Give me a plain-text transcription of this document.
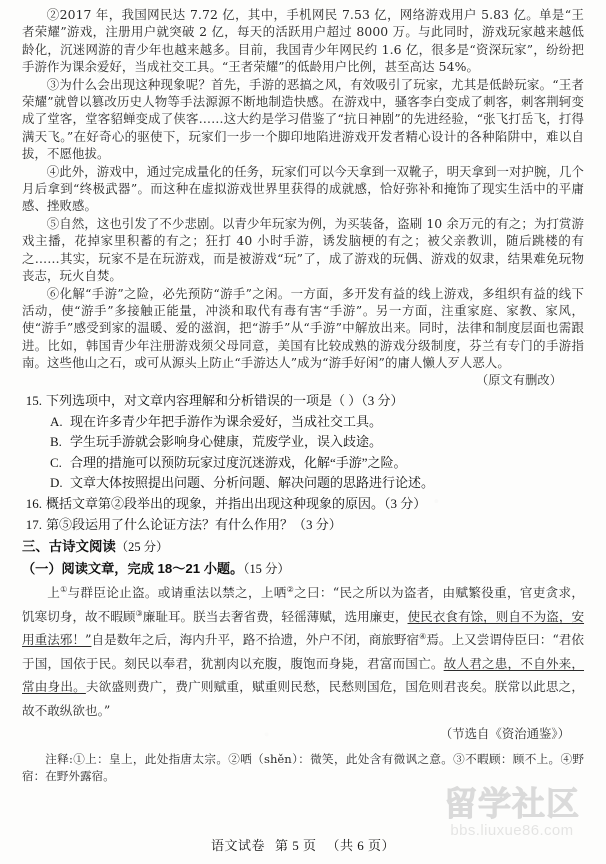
②2017 年，我国网民达 7.72 亿，其中，手机网民 7.53 亿，网络游戏用户 5.83 亿。单是“王者荣耀”游戏，注册用户就突破 2 亿，每天的活跃用户超过 8000 万。与此同时，游戏玩家越来越低龄化，沉迷网游的青少年也越来越多。目前，我国青少年网民约 1.6 亿，很多是“资深玩家”，纷纷把手游作为课余爱好，当成社交工具。“王者荣耀”的低龄用户比例，甚至高达 54%。

③为什么会出现这种现象呢？首先，手游的恶搞之风，有效吸引了玩家，尤其是低龄玩家。“王者荣耀”就曾以篡改历史人物等手法源源不断地制造快感。在游戏中，骚客李白变成了刺客，刺客荆轲变成了堂客，堂客貂蝉变成了侠客……这大约是学习借鉴了“抗日神剧”的先进经验，“张飞打岳飞，打得满天飞。”在好奇心的驱使下，玩家们一步一个脚印地陷进游戏开发者精心设计的各种陷阱中，难以自拔，不愿他拔。

④此外，游戏中，通过完成量化的任务，玩家们可以今天拿到一双靴子，明天拿到一对护腕，几个月后拿到“终极武器”。而这种在虚拟游戏世界里获得的成就感，恰好弥补和掩饰了现实生活中的平庸感、挫败感。

⑤自然，这也引发了不少悲剧。以青少年玩家为例，为买装备，盗刷 10 余万元的有之；为打赏游戏主播，花掉家里积蓄的有之；狂打 40 小时手游，诱发脑梗的有之；被父亲教训，随后跳楼的有之……其实，玩家不是在玩游戏，而是被游戏“玩”了，成了游戏的玩偶、游戏的奴隶，结果难免玩物丧志，玩火自焚。

⑥化解“手游”之险，必先预防“游手”之闲。一方面，多开发有益的线上游戏，多组织有益的线下活动，使“游手”多接触正能量，冲淡和取代有毒有害“手游”。另一方面，注重家庭、家教、家风，使“游手”感受到家的温暖、爱的滋润，把“游手”从“手游”中解放出来。同时，法律和制度层面也需跟进。比如，韩国青少年注册游戏须父母同意，美国有比较成熟的游戏分级制度，芬兰有专门的手游指南。这些他山之石，或可从源头上防止“手游达人”成为“游手好闲”的庸人懒人歹人恶人。

（原文有删改）

15. 下列选项中，对文章内容理解和分析错误的一项是（ ）（3 分）
A. 现在许多青少年把手游作为课余爱好，当成社交工具。
B. 学生玩手游就会影响身心健康，荒废学业，误入歧途。
C. 合理的措施可以预防玩家过度沉迷游戏，化解“手游”之险。
D. 文章大体按照提出问题、分析问题、解决问题的思路进行论述。
16. 概括文章第②段举出的现象，并指出出现这种现象的原因。（3 分）
17. 第⑤段运用了什么论证方法？有什么作用？（3 分）
三、古诗文阅读（25 分）
（一）阅读文章，完成 18～21 小题。（15 分）

上①与群臣论止盗。或请重法以禁之，上哂②之曰：“民之所以为盗者，由赋繁役重，官吏贪求，饥寒切身，故不暇顾③廉耻耳。朕当去奢省费，轻徭薄赋，选用廉吏，使民衣食有馀，则自不为盗，安用重法邪！”自是数年之后，海内升平，路不拾遗，外户不闭，商旅野宿④焉。上又尝谓侍臣曰：“君依于国，国依于民。刻民以奉君，犹割肉以充腹，腹饱而身毙，君富而国亡。故人君之患，不自外来，常由身出。夫欲盛则费广，费广则赋重，赋重则民愁，民愁则国危，国危则君丧矣。朕常以此思之，故不敢纵欲也。”

（节选自《资治通鉴》）

注释:①上：皇上，此处指唐太宗。②哂（shěn）：微笑，此处含有微讽之意。③不暇顾：顾不上。④野宿：在野外露宿。

留学社区
bbs.liuxue86.com
语文试卷 第 5 页 （共 6 页）
